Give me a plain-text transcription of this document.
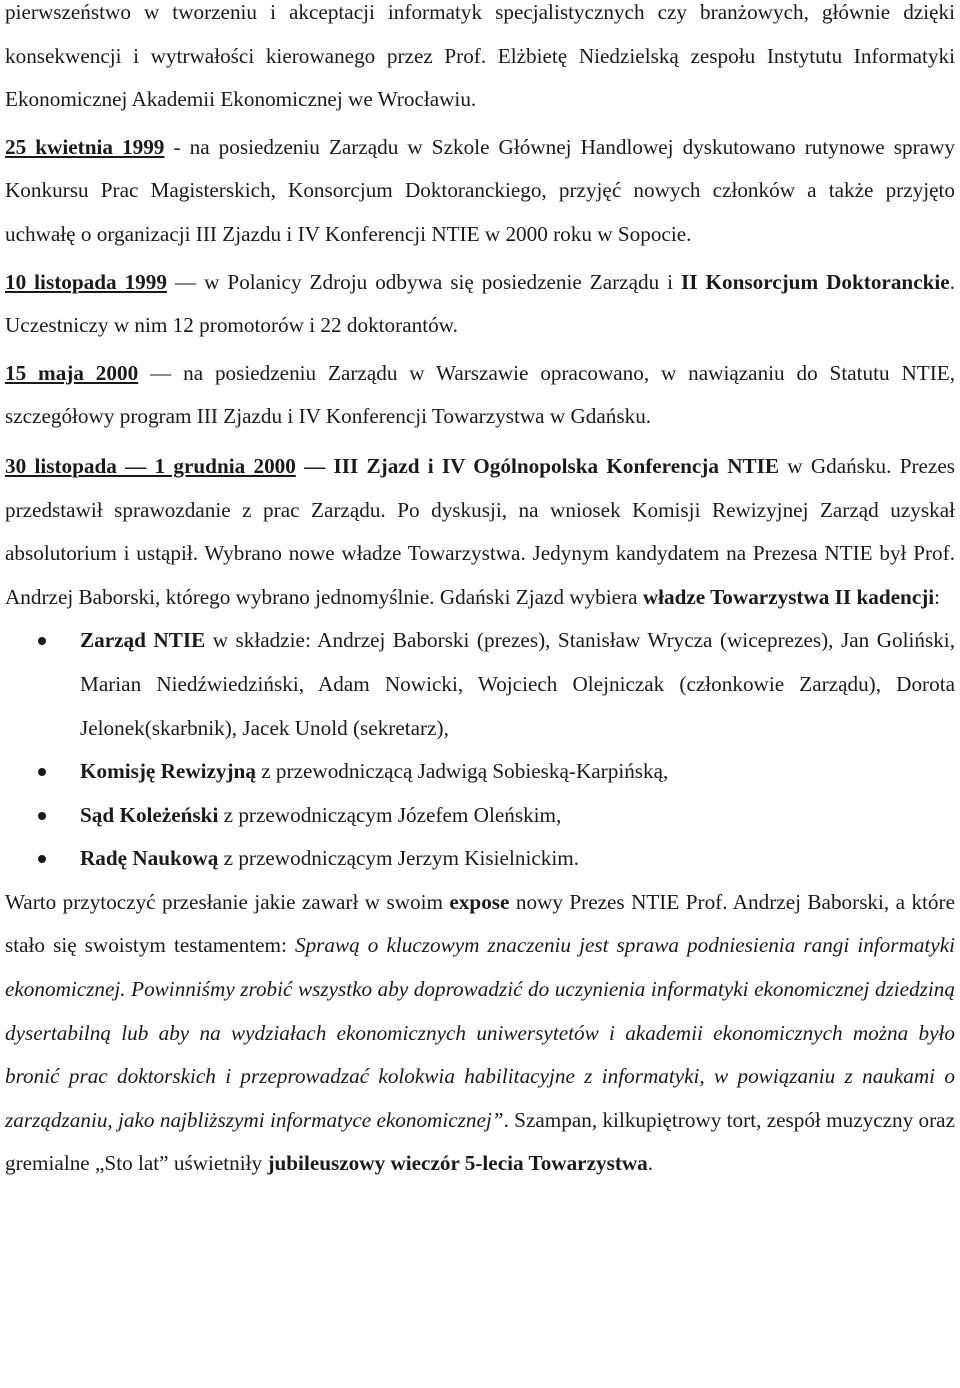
pierwszeństwo w tworzeniu i akceptacji informatyk specjalistycznych czy branżowych, głównie dzięki konsekwencji i wytrwałości kierowanego przez Prof. Elżbietę Niedzielską zespołu Instytutu Informatyki Ekonomicznej Akademii Ekonomicznej we Wrocławiu.

25 kwietnia 1999 - na posiedzeniu Zarządu w Szkole Głównej Handlowej dyskutowano rutynowe sprawy Konkursu Prac Magisterskich, Konsorcjum Doktoranckiego, przyjęć nowych członków a także przyjęto uchwałę o organizacji III Zjazdu i IV Konferencji NTIE w 2000 roku w Sopocie.

10 listopada 1999 — w Polanicy Zdroju odbywa się posiedzenie Zarządu i II Konsorcjum Doktoranckie. Uczestniczy w nim 12 promotorów i 22 doktorantów.

15 maja 2000 — na posiedzeniu Zarządu w Warszawie opracowano, w nawiązaniu do Statutu NTIE, szczegółowy program III Zjazdu i IV Konferencji Towarzystwa w Gdańsku.

30 listopada — 1 grudnia 2000 — III Zjazd i IV Ogólnopolska Konferencja NTIE w Gdańsku. Prezes przedstawił sprawozdanie z prac Zarządu. Po dyskusji, na wniosek Komisji Rewizyjnej Zarząd uzyskał absolutorium i ustąpił. Wybrano nowe władze Towarzystwa. Jedynym kandydatem na Prezesa NTIE był Prof. Andrzej Baborski, którego wybrano jednomyślnie. Gdański Zjazd wybiera władze Towarzystwa II kadencji:

Zarząd NTIE w składzie: Andrzej Baborski (prezes), Stanisław Wrycza (wiceprezes), Jan Goliński, Marian Niedźwiedziński, Adam Nowicki, Wojciech Olejniczak (członkowie Zarządu), Dorota Jelonek(skarbnik), Jacek Unold (sekretarz),
Komisję Rewizyjną z przewodniczącą Jadwigą Sobieską-Karpińską,
Sąd Koleżeński z przewodniczącym Józefem Oleńskim,
Radę Naukową z przewodniczącym Jerzym Kisielnickim.

Warto przytoczyć przesłanie jakie zawarł w swoim expose nowy Prezes NTIE Prof. Andrzej Baborski, a które stało się swoistym testamentem: Sprawą o kluczowym znaczeniu jest sprawa podniesienia rangi informatyki ekonomicznej. Powinniśmy zrobić wszystko aby doprowadzić do uczynienia informatyki ekonomicznej dziedziną dysertabilną lub aby na wydziałach ekonomicznych uniwersytetów i akademii ekonomicznych można było bronić prac doktorskich i przeprowadzać kolokwia habilitacyjne z informatyki, w powiązaniu z naukami o zarządzaniu, jako najbliższymi informatyce ekonomicznej”. Szampan, kilkupiętrowy tort, zespół muzyczny oraz gremialne „Sto lat” uświetniły jubileuszowy wieczór 5-lecia Towarzystwa.
